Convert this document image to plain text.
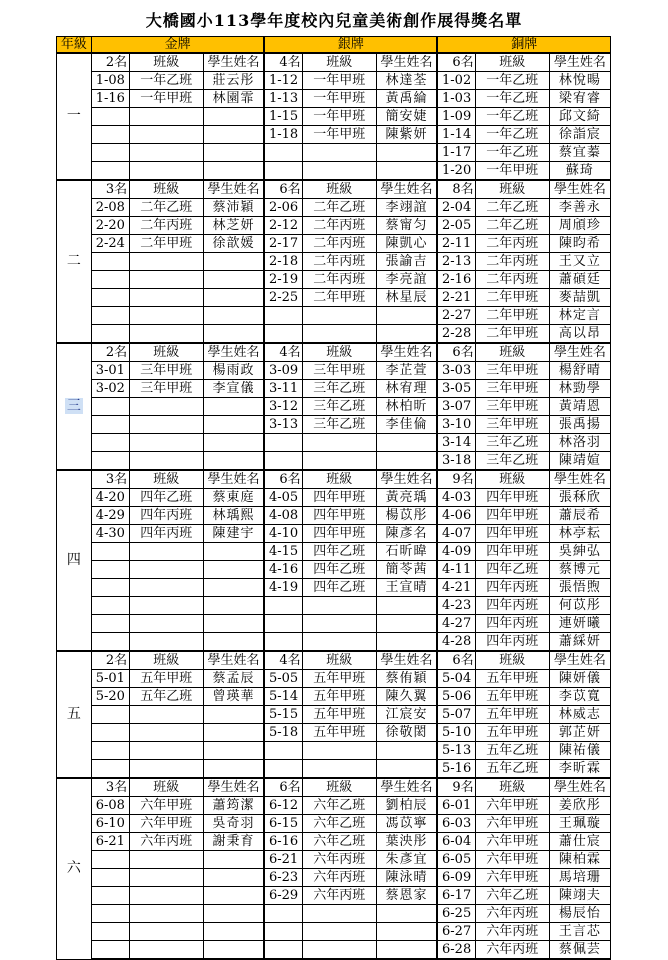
大橋國小113學年度校內兒童美術創作展得獎名單
年級	金牌			銀牌			銅牌		
一	2名	班級	學生姓名	4名	班級	學生姓名	6名	班級	學生姓名
	1-08	一年乙班	莊云彤	1-12	一年甲班	林達荃	1-02	一年乙班	林悅暘
	1-16	一年甲班	林園霏	1-13	一年甲班	黃禹綸	1-03	一年乙班	梁宥睿
				1-15	一年甲班	簡安婕	1-09	一年乙班	邱文綺
				1-18	一年甲班	陳紫妍	1-14	一年乙班	徐詣宸
							1-17	一年乙班	蔡宜蓁
							1-20	一年甲班	蘇琦
二	3名	班級	學生姓名	6名	班級	學生姓名	8名	班級	學生姓名
	2-08	二年乙班	蔡沛穎	2-06	二年乙班	李翊誼	2-04	二年乙班	李善永
	2-20	二年丙班	林芝妍	2-12	二年丙班	蔡甯匀	2-05	二年乙班	周頎珍
	2-24	二年甲班	徐歆媛	2-17	二年丙班	陳凱心	2-11	二年丙班	陳昀希
				2-18	二年丙班	張諭吉	2-13	二年丙班	王又立
				2-19	二年丙班	李亮誼	2-16	二年丙班	蕭碩廷
				2-25	二年甲班	林星辰	2-21	二年甲班	麥喆凱
							2-27	二年甲班	林定言
							2-28	二年甲班	高以昂
三	2名	班級	學生姓名	4名	班級	學生姓名	6名	班級	學生姓名
	3-01	三年甲班	楊雨政	3-09	三年甲班	李芷萱	3-03	三年甲班	楊舒晴
	3-02	三年甲班	李宣儀	3-11	三年乙班	林宥理	3-05	三年甲班	林勁學
				3-12	三年乙班	林柏昕	3-07	三年甲班	黃靖恩
				3-13	三年乙班	李佳倫	3-10	三年甲班	張禹揚
							3-14	三年乙班	林洛羽
							3-18	三年乙班	陳靖媗
四	3名	班級	學生姓名	6名	班級	學生姓名	9名	班級	學生姓名
	4-20	四年乙班	蔡東庭	4-05	四年甲班	黃亮瑀	4-03	四年甲班	張秝欣
	4-29	四年丙班	林瑀熙	4-08	四年甲班	楊苡彤	4-06	四年甲班	蕭辰希
	4-30	四年丙班	陳建宇	4-10	四年甲班	陳彥名	4-07	四年甲班	林亭耘
				4-15	四年乙班	石昕暐	4-09	四年甲班	吳紳弘
				4-16	四年乙班	簡苓茜	4-11	四年乙班	蔡博元
				4-19	四年乙班	王宣晴	4-21	四年丙班	張悟煦
							4-23	四年丙班	何苡彤
							4-27	四年丙班	連妍曦
							4-28	四年丙班	蕭綵妍
五	2名	班級	學生姓名	4名	班級	學生姓名	6名	班級	學生姓名
	5-01	五年甲班	蔡孟辰	5-05	五年甲班	蔡侑穎	5-04	五年甲班	陳妍儀
	5-20	五年乙班	曾瑛華	5-14	五年甲班	陳久翼	5-06	五年甲班	李苡寬
				5-15	五年甲班	江宸安	5-07	五年甲班	林威志
				5-18	五年甲班	徐敬閎	5-10	五年甲班	郭芷妍
							5-13	五年乙班	陳祐儀
							5-16	五年乙班	李昕霖
六	3名	班級	學生姓名	6名	班級	學生姓名	9名	班級	學生姓名
	6-08	六年甲班	蕭筠潔	6-12	六年乙班	劉柏辰	6-01	六年甲班	姜欣彤
	6-10	六年甲班	吳奇羽	6-15	六年乙班	馮苡寧	6-03	六年甲班	王珮璇
	6-21	六年丙班	謝秉育	6-16	六年乙班	葉泱彤	6-04	六年甲班	蕭仕宸
				6-21	六年丙班	朱彥宜	6-05	六年甲班	陳柏霖
				6-23	六年丙班	陳泳晴	6-09	六年甲班	馬培珊
				6-29	六年丙班	蔡恩家	6-17	六年乙班	陳翊夫
							6-25	六年丙班	楊辰怡
							6-27	六年丙班	王言芯
							6-28	六年丙班	蔡佩芸
